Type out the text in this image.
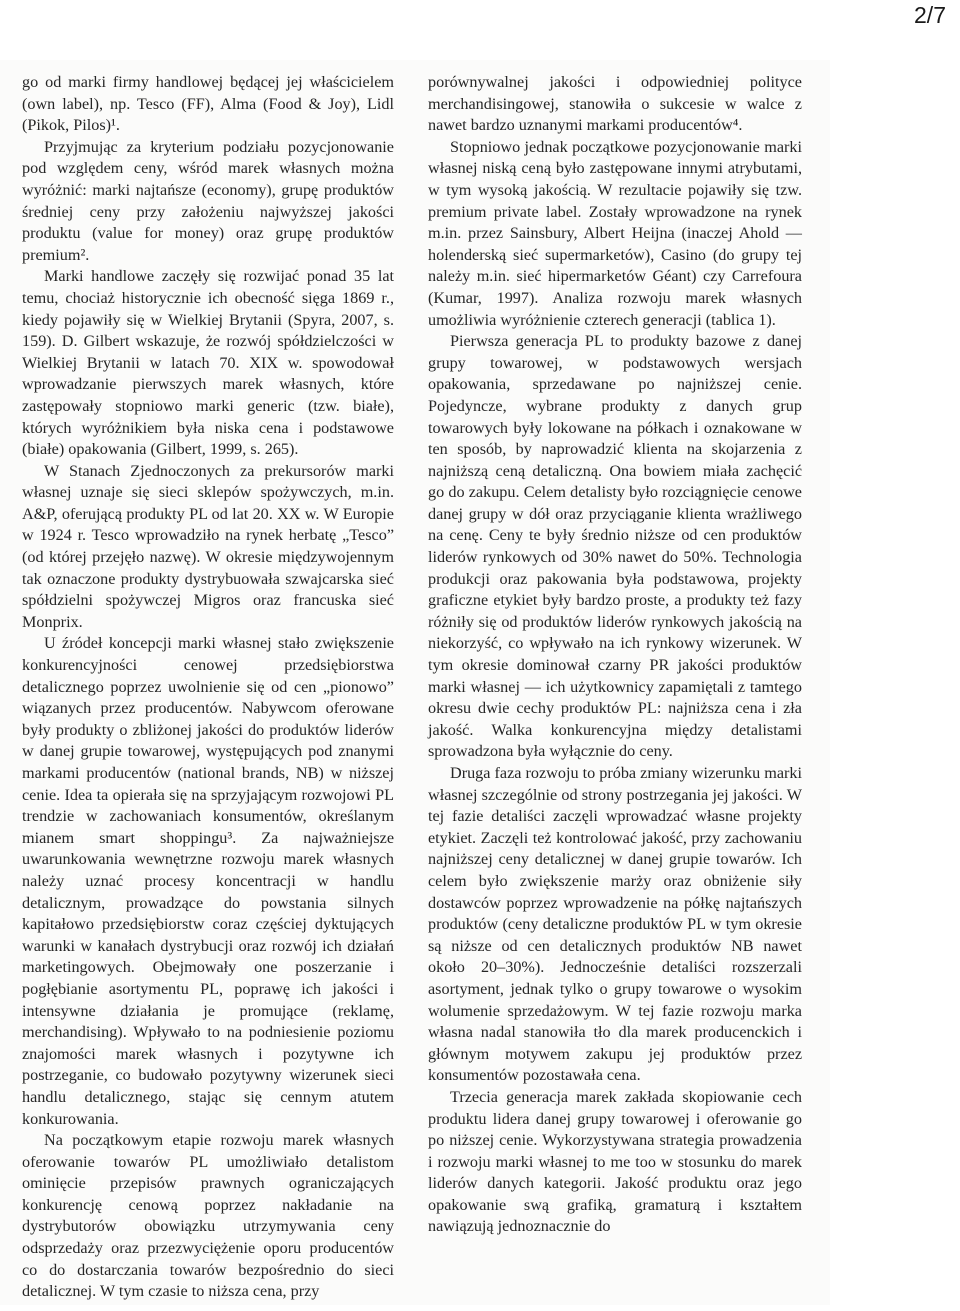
2/7

go od marki firmy handlowej będącej jej właścicielem (own label), np. Tesco (FF), Alma (Food & Joy), Lidl (Pikok, Pilos)¹.

Przyjmując za kryterium podziału pozycjonowanie pod względem ceny, wśród marek własnych można wyróżnić: marki najtańsze (economy), grupę produktów średniej ceny przy założeniu najwyższej jakości produktu (value for money) oraz grupę produktów premium².

Marki handlowe zaczęły się rozwijać ponad 35 lat temu, chociaż historycznie ich obecność sięga 1869 r., kiedy pojawiły się w Wielkiej Brytanii (Spyra, 2007, s. 159). D. Gilbert wskazuje, że rozwój spółdzielczości w Wielkiej Brytanii w latach 70. XIX w. spowodował wprowadzanie pierwszych marek własnych, które zastępowały stopniowo marki generic (tzw. białe), których wyróżnikiem była niska cena i podstawowe (białe) opakowania (Gilbert, 1999, s. 265).

W Stanach Zjednoczonych za prekursorów marki własnej uznaje się sieci sklepów spożywczych, m.in. A&P, oferującą produkty PL od lat 20. XX w. W Europie w 1924 r. Tesco wprowadziło na rynek herbatę „Tesco” (od której przejęło nazwę). W okresie międzywojennym tak oznaczone produkty dystrybuowała szwajcarska sieć spółdzielni spożywczej Migros oraz francuska sieć Monprix.

U źródeł koncepcji marki własnej stało zwiększenie konkurencyjności cenowej przedsiębiorstwa detalicznego poprzez uwolnienie się od cen „pionowo” wiązanych przez producentów. Nabywcom oferowane były produkty o zbliżonej jakości do produktów liderów w danej grupie towarowej, występujących pod znanymi markami producentów (national brands, NB) w niższej cenie. Idea ta opierała się na sprzyjającym rozwojowi PL trendzie w zachowaniach konsumentów, określanym mianem smart shoppingu³. Za najważniejsze uwarunkowania wewnętrzne rozwoju marek własnych należy uznać procesy koncentracji w handlu detalicznym, prowadzące do powstania silnych kapitałowo przedsiębiorstw coraz częściej dyktujących warunki w kanałach dystrybucji oraz rozwój ich działań marketingowych. Obejmowały one poszerzanie i pogłębianie asortymentu PL, poprawę ich jakości i intensywne działania je promujące (reklamę, merchandising). Wpływało to na podniesienie poziomu znajomości marek własnych i pozytywne ich postrzeganie, co budowało pozytywny wizerunek sieci handlu detalicznego, stając się cennym atutem konkurowania.

Na początkowym etapie rozwoju marek własnych oferowanie towarów PL umożliwiało detalistom ominięcie przepisów prawnych ograniczających konkurencję cenową poprzez nakładanie na dystrybutorów obowiązku utrzymywania ceny odsprzedaży oraz przezwyciężenie oporu producentów co do dostarczania towarów bezpośrednio do sieci detalicznej. W tym czasie to niższa cena, przy

porównywalnej jakości i odpowiedniej polityce merchandisingowej, stanowiła o sukcesie w walce z nawet bardzo uznanymi markami producentów⁴.

Stopniowo jednak początkowe pozycjonowanie marki własnej niską ceną było zastępowane innymi atrybutami, w tym wysoką jakością. W rezultacie pojawiły się tzw. premium private label. Zostały wprowadzone na rynek m.in. przez Sainsbury, Albert Heijna (inaczej Ahold — holenderską sieć supermarketów), Casino (do grupy tej należy m.in. sieć hipermarketów Géant) czy Carrefoura (Kumar, 1997). Analiza rozwoju marek własnych umożliwia wyróżnienie czterech generacji (tablica 1).

Pierwsza generacja PL to produkty bazowe z danej grupy towarowej, w podstawowych wersjach opakowania, sprzedawane po najniższej cenie. Pojedyncze, wybrane produkty z danych grup towarowych były lokowane na półkach i oznakowane w ten sposób, by naprowadzić klienta na skojarzenia z najniższą ceną detaliczną. Ona bowiem miała zachęcić go do zakupu. Celem detalisty było rozciągnięcie cenowe danej grupy w dół oraz przyciąganie klienta wrażliwego na cenę. Ceny te były średnio niższe od cen produktów liderów rynkowych od 30% nawet do 50%. Technologia produkcji oraz pakowania była podstawowa, projekty graficzne etykiet były bardzo proste, a produkty też fazy różniły się od produktów liderów rynkowych jakością na niekorzyść, co wpływało na ich rynkowy wizerunek. W tym okresie dominował czarny PR jakości produktów marki własnej — ich użytkownicy zapamiętali z tamtego okresu dwie cechy produktów PL: najniższa cena i zła jakość. Walka konkurencyjna między detalistami sprowadzona była wyłącznie do ceny.

Druga faza rozwoju to próba zmiany wizerunku marki własnej szczególnie od strony postrzegania jej jakości. W tej fazie detaliści zaczęli wprowadzać własne projekty etykiet. Zaczęli też kontrolować jakość, przy zachowaniu najniższej ceny detalicznej w danej grupie towarów. Ich celem było zwiększenie marży oraz obniżenie siły dostawców poprzez wprowadzenie na półkę najtańszych produktów (ceny detaliczne produktów PL w tym okresie są niższe od cen detalicznych produktów NB nawet około 20–30%). Jednocześnie detaliści rozszerzali asortyment, jednak tylko o grupy towarowe o wysokim wolumenie sprzedażowym. W tej fazie rozwoju marka własna nadal stanowiła tło dla marek producenckich i głównym motywem zakupu jej produktów przez konsumentów pozostawała cena.

Trzecia generacja marek zakłada skopiowanie cech produktu lidera danej grupy towarowej i oferowanie go po niższej cenie. Wykorzystywana strategia prowadzenia i rozwoju marki własnej to me too w stosunku do marek liderów danych kategorii. Jakość produktu oraz jego opakowanie swą grafiką, gramaturą i kształtem nawiązują jednoznacznie do
